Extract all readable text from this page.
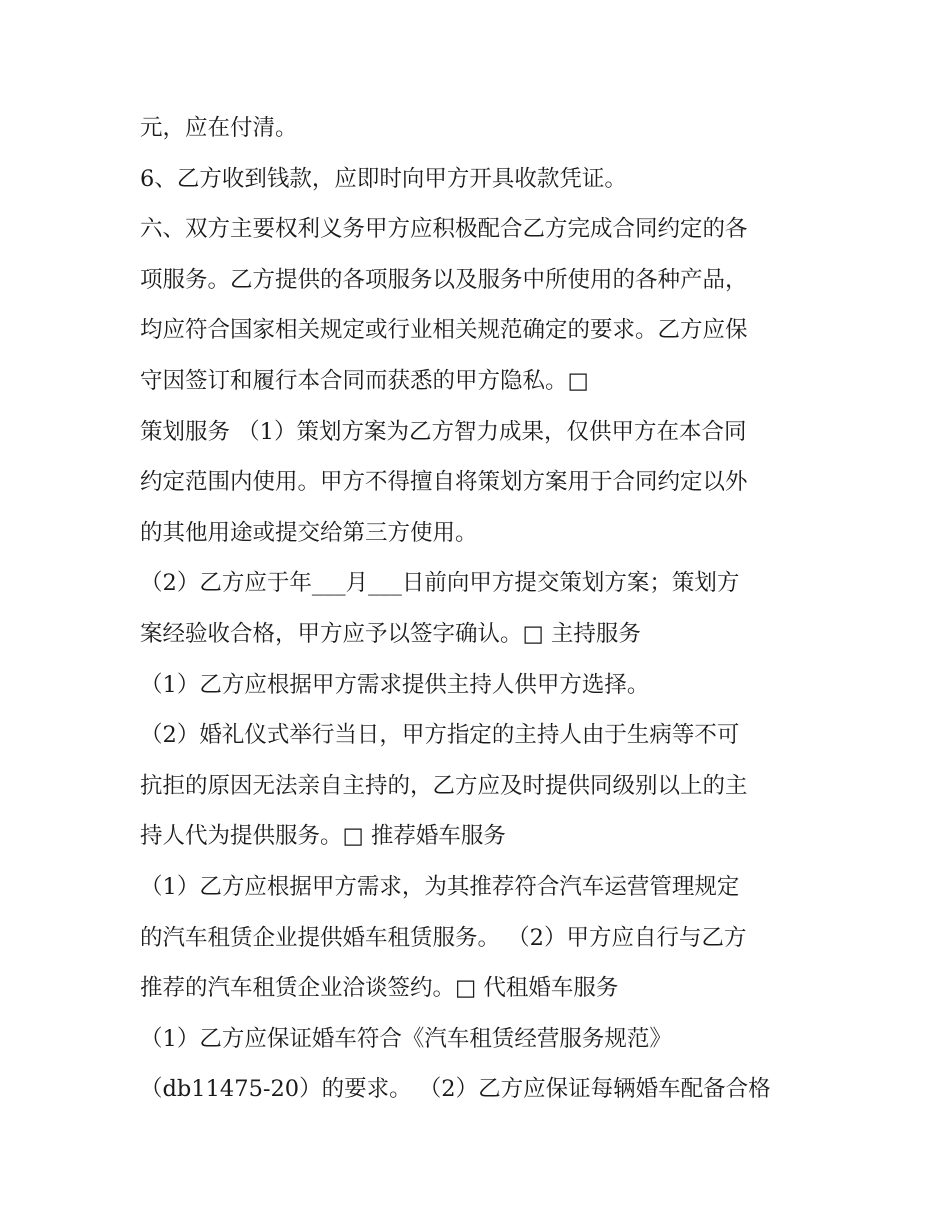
元，应在付清。
6、乙方收到钱款，应即时向甲方开具收款凭证。
六、双方主要权利义务甲方应积极配合乙方完成合同约定的各
项服务。乙方提供的各项服务以及服务中所使用的各种产品，
均应符合国家相关规定或行业相关规范确定的要求。乙方应保
守因签订和履行本合同而获悉的甲方隐私。□
策划服务 （1）策划方案为乙方智力成果，仅供甲方在本合同
约定范围内使用。甲方不得擅自将策划方案用于合同约定以外
的其他用途或提交给第三方使用。
（2）乙方应于年___月___日前向甲方提交策划方案；策划方
案经验收合格，甲方应予以签字确认。□ 主持服务
（1）乙方应根据甲方需求提供主持人供甲方选择。
（2）婚礼仪式举行当日，甲方指定的主持人由于生病等不可
抗拒的原因无法亲自主持的，乙方应及时提供同级别以上的主
持人代为提供服务。□ 推荐婚车服务
（1）乙方应根据甲方需求，为其推荐符合汽车运营管理规定
的汽车租赁企业提供婚车租赁服务。 （2）甲方应自行与乙方
推荐的汽车租赁企业洽谈签约。□ 代租婚车服务
（1）乙方应保证婚车符合《汽车租赁经营服务规范》
（db11475-20）的要求。 （2）乙方应保证每辆婚车配备合格
